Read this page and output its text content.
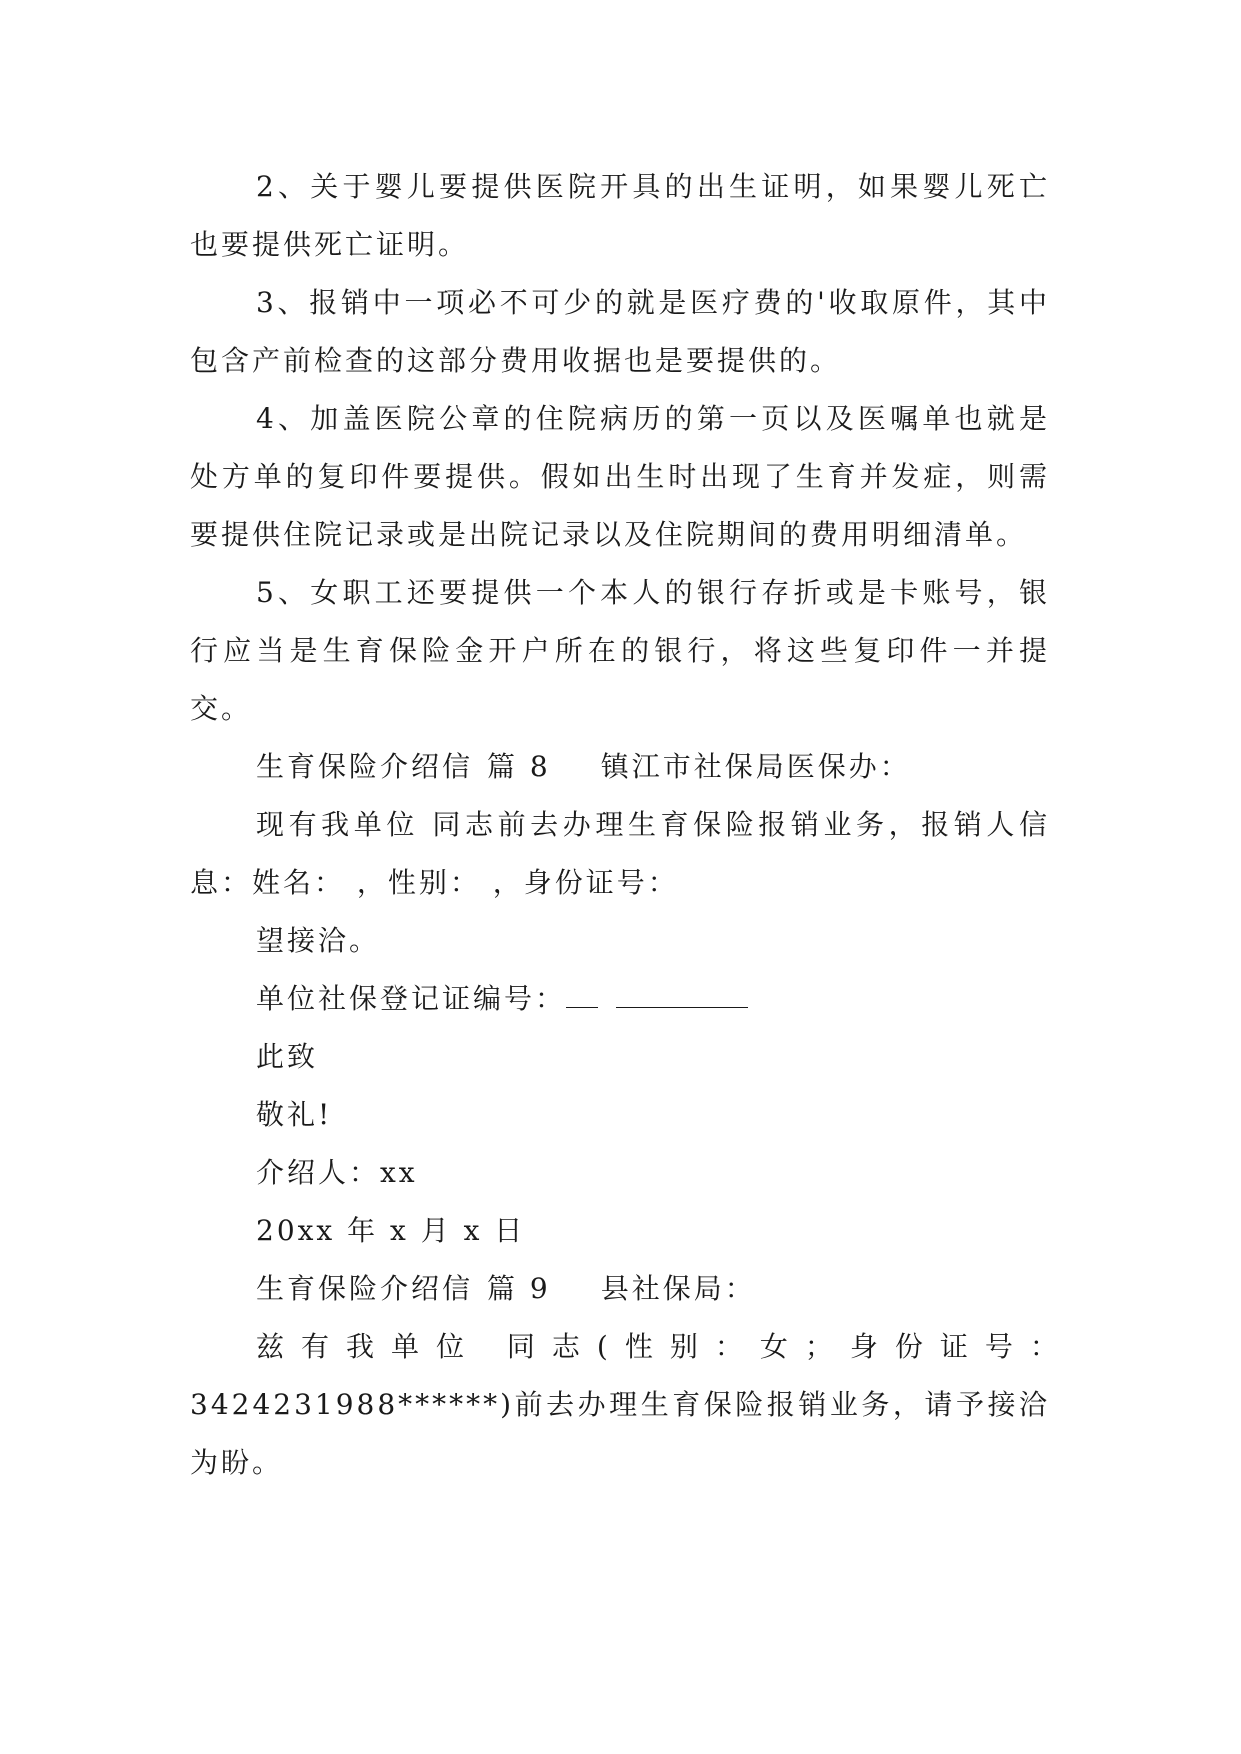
2、关于婴儿要提供医院开具的出生证明，如果婴儿死亡也要提供死亡证明。

3、报销中一项必不可少的就是医疗费的'收取原件，其中包含产前检查的这部分费用收据也是要提供的。

4、加盖医院公章的住院病历的第一页以及医嘱单也就是处方单的复印件要提供。假如出生时出现了生育并发症，则需要提供住院记录或是出院记录以及住院期间的费用明细清单。

5、女职工还要提供一个本人的银行存折或是卡账号，银行应当是生育保险金开户所在的银行，将这些复印件一并提交。

生育保险介绍信 篇 8 镇江市社保局医保办：

现有我单位 同志前去办理生育保险报销业务，报销人信息：姓名： ，性别： ，身份证号：

望接洽。

单位社保登记证编号：

此致

敬礼!

介绍人：xx

20xx 年 x 月 x 日

生育保险介绍信 篇 9 县社保局：

兹有我单位 同志(性别：女；身份证号：

3424231988******)前去办理生育保险报销业务，请予接洽为盼。
